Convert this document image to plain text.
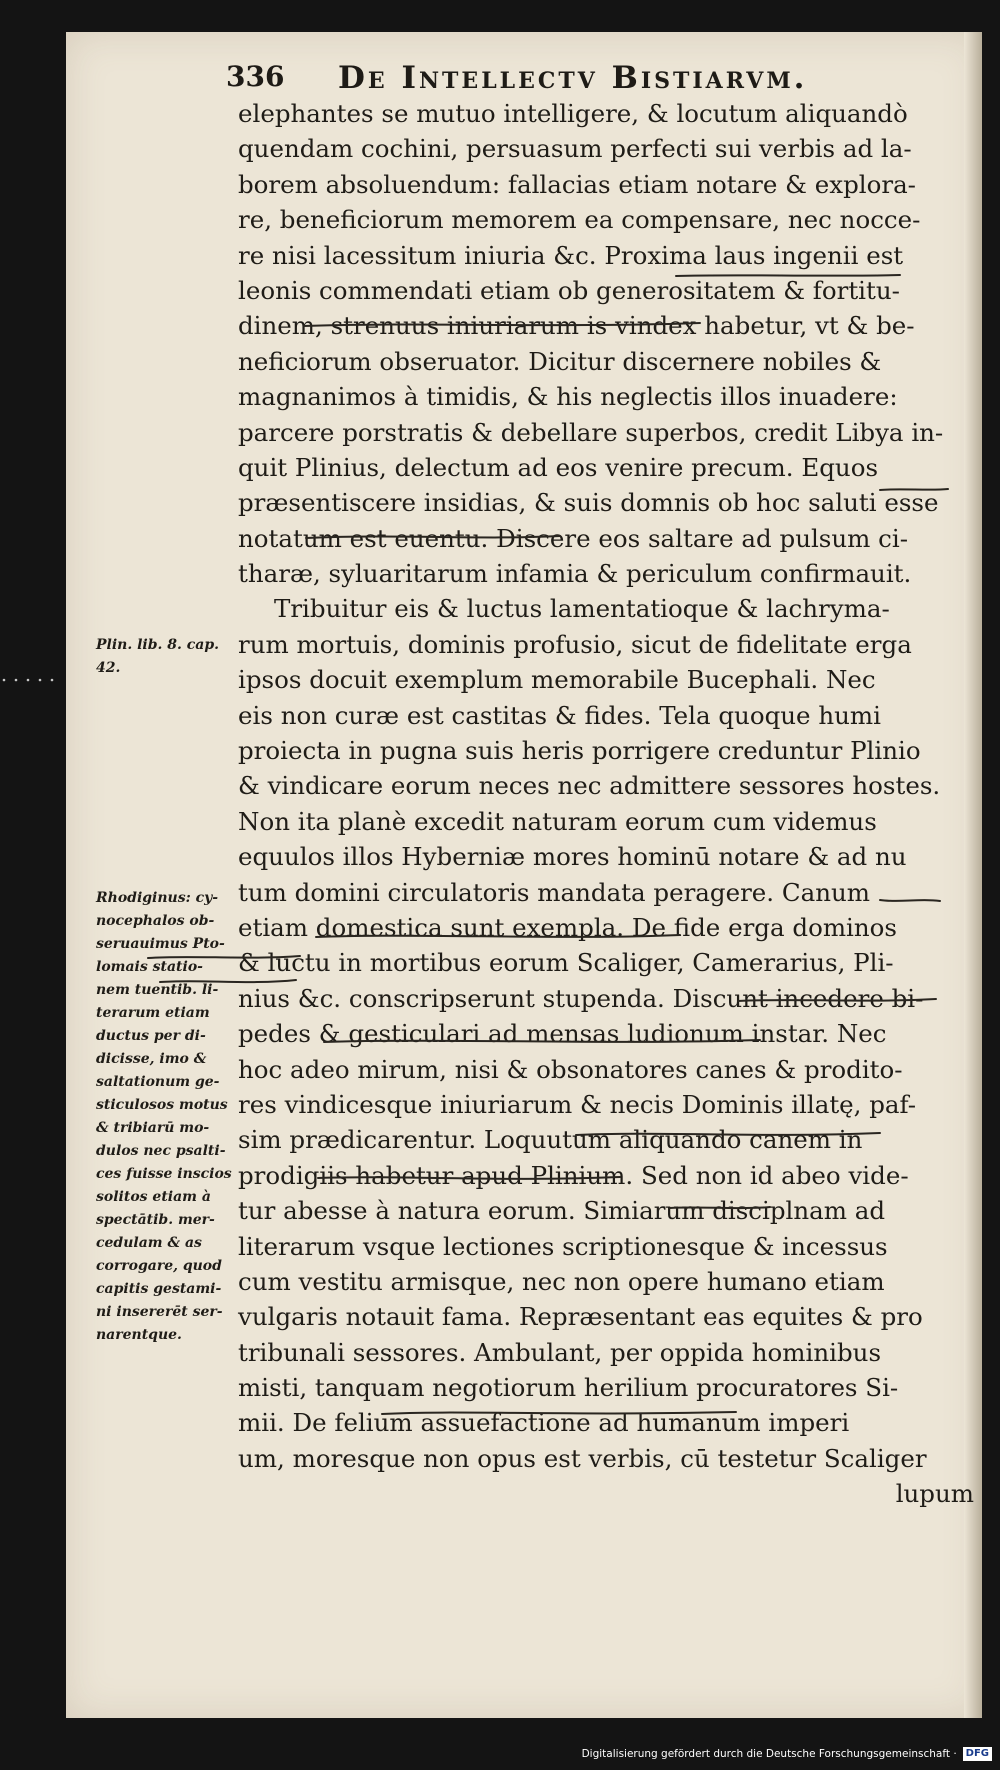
336 De Intellectv Bistiarvm.
elephantes se mutuo intelligere, & locutum aliquandò
quendam cochini, persuasum perfecti sui verbis ad la-
borem absoluendum: fallacias etiam notare & explora-
re, beneficiorum memorem ea compensare, nec nocce-
re nisi lacessitum iniuria &c. Proxima laus ingenii est
leonis commendati etiam ob generositatem & fortitu-
dinem, strenuus iniuriarum is vindex habetur, vt & be-
neficiorum obseruator. Dicitur discernere nobiles &
magnanimos à timidis, & his neglectis illos inuadere:
parcere porstratis & debellare superbos, credit Libya in-
quit Plinius, delectum ad eos venire precum. Equos
præsentiscere insidias, & suis domnis ob hoc saluti esse
notatum est euentu. Discere eos saltare ad pulsum ci-
tharæ, syluaritarum infamia & periculum confirmauit.
Tribuitur eis & luctus lamentatioque & lachryma-
rum mortuis, dominis profusio, sicut de fidelitate erga
ipsos docuit exemplum memorabile Bucephali. Nec
eis non curæ est castitas & fides. Tela quoque humi
proiecta in pugna suis heris porrigere creduntur Plinio
& vindicare eorum neces nec admittere sessores hostes.
Non ita planè excedit naturam eorum cum videmus
equulos illos Hyberniæ mores hominū notare & ad nu
tum domini circulatoris mandata peragere. Canum
etiam domestica sunt exempla. De fide erga dominos
& luctu in mortibus eorum Scaliger, Camerarius, Pli-
nius &c. conscripserunt stupenda. Discunt incedere bi-
pedes & gesticulari ad mensas ludionum instar. Nec
hoc adeo mirum, nisi & obsonatores canes & prodito-
res vindicesque iniuriarum & necis Dominis illatę, paf-
sim prædicarentur. Loquutum aliquando canem in
prodigiis habetur apud Plinium. Sed non id abeo vide-
tur abesse à natura eorum. Simiarum disciplnam ad
literarum vsque lectiones scriptionesque & incessus
cum vestitu armisque, nec non opere humano etiam
vulgaris notauit fama. Repræsentant eas equites & pro
tribunali sessores. Ambulant, per oppida hominibus
misti, tanquam negotiorum herilium procuratores Si-
mii. De felium assuefactione ad humanum imperi
um, moresque non opus est verbis, cū testetur Scaliger
lupum
Plin. lib. 8. cap.
42.
Rhodiginus: cy-
nocephalos ob-
seruauimus Pto-
lomais statio-
nem tuentib. li-
terarum etiam
ductus per di-
dicisse, imo &
saltationum ge-
sticulosos motus
& tribiarū mo-
dulos nec psalti-
ces fuisse inscios
solitos etiam à
spectātib. mer-
cedulam & as
corrogare, quod
capitis gestami-
ni insererēt ser-
narentque.
Digitalisierung gefördert durch die Deutsche Forschungsgemeinschaft · DFG
